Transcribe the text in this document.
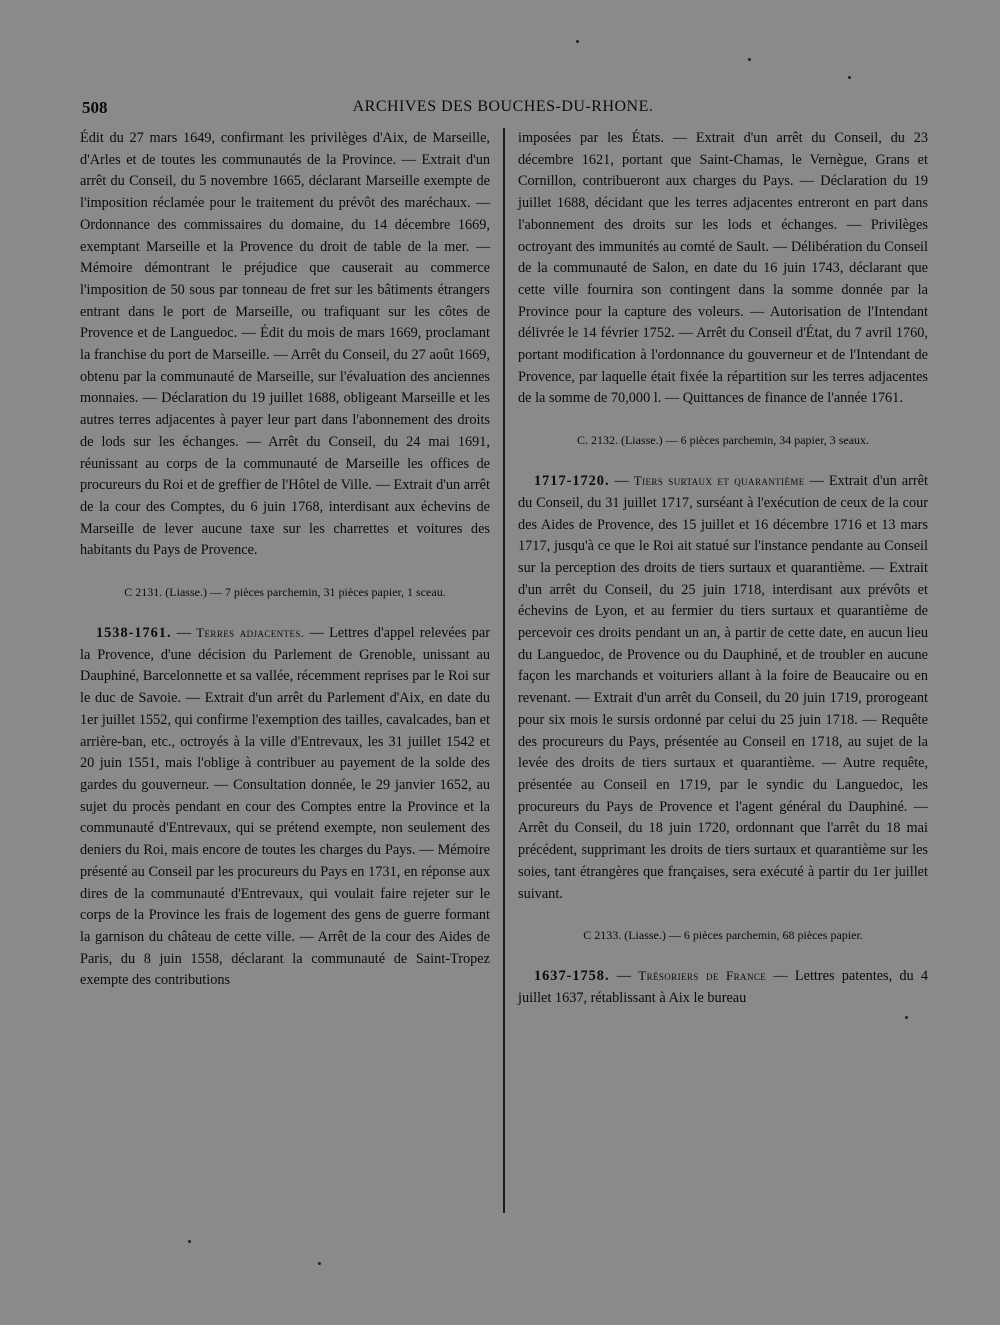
508	ARCHIVES DES BOUCHES-DU-RHONE.

Édit du 27 mars 1649, confirmant les privilèges d'Aix, de Marseille, d'Arles et de toutes les communautés de la Province. — Extrait d'un arrêt du Conseil, du 5 novembre 1665, déclarant Marseille exempte de l'imposition réclamée pour le traitement du prévôt des maréchaux. — Ordonnance des commissaires du domaine, du 14 décembre 1669, exemptant Marseille et la Provence du droit de table de la mer. — Mémoire démontrant le préjudice que causerait au commerce l'imposition de 50 sous par tonneau de fret sur les bâtiments étrangers entrant dans le port de Marseille, ou trafiquant sur les côtes de Provence et de Languedoc. — Édit du mois de mars 1669, proclamant la franchise du port de Marseille. — Arrêt du Conseil, du 27 août 1669, obtenu par la communauté de Marseille, sur l'évaluation des anciennes monnaies. — Déclaration du 19 juillet 1688, obligeant Marseille et les autres terres adjacentes à payer leur part dans l'abonnement des droits de lods sur les échanges. — Arrêt du Conseil, du 24 mai 1691, réunissant au corps de la communauté de Marseille les offices de procureurs du Roi et de greffier de l'Hôtel de Ville. — Extrait d'un arrêt de la cour des Comptes, du 6 juin 1768, interdisant aux échevins de Marseille de lever aucune taxe sur les charrettes et voitures des habitants du Pays de Provence.

C 2131. (Liasse.) — 7 pièces parchemin, 31 pièces papier, 1 sceau.

1538-1761. — Terres adjacentes. — Lettres d'appel relevées par la Provence, d'une décision du Parlement de Grenoble, unissant au Dauphiné, Barcelonnette et sa vallée, récemment reprises par le Roi sur le duc de Savoie. — Extrait d'un arrêt du Parlement d'Aix, en date du 1er juillet 1552, qui confirme l'exemption des tailles, cavalcades, ban et arrière-ban, etc., octroyés à la ville d'Entrevaux, les 31 juillet 1542 et 20 juin 1551, mais l'oblige à contribuer au payement de la solde des gardes du gouverneur. — Consultation donnée, le 29 janvier 1652, au sujet du procès pendant en cour des Comptes entre la Province et la communauté d'Entrevaux, qui se prétend exempte, non seulement des deniers du Roi, mais encore de toutes les charges du Pays. — Mémoire présenté au Conseil par les procureurs du Pays en 1731, en réponse aux dires de la communauté d'Entrevaux, qui voulait faire rejeter sur le corps de la Province les frais de logement des gens de guerre formant la garnison du château de cette ville. — Arrêt de la cour des Aides de Paris, du 8 juin 1558, déclarant la communauté de Saint-Tropez exempte des contributions

imposées par les États. — Extrait d'un arrêt du Conseil, du 23 décembre 1621, portant que Saint-Chamas, le Vernègue, Grans et Cornillon, contribueront aux charges du Pays. — Déclaration du 19 juillet 1688, décidant que les terres adjacentes entreront en part dans l'abonnement des droits sur les lods et échanges. — Privilèges octroyant des immunités au comté de Sault. — Délibération du Conseil de la communauté de Salon, en date du 16 juin 1743, déclarant que cette ville fournira son contingent dans la somme donnée par la Province pour la capture des voleurs. — Autorisation de l'Intendant délivrée le 14 février 1752. — Arrêt du Conseil d'État, du 7 avril 1760, portant modification à l'ordonnance du gouverneur et de l'Intendant de Provence, par laquelle était fixée la répartition sur les terres adjacentes de la somme de 70,000 l. — Quittances de finance de l'année 1761.

C. 2132. (Liasse.) — 6 pièces parchemin, 34 papier, 3 seaux.

1717-1720. — Tiers surtaux et quarantième — Extrait d'un arrêt du Conseil, du 31 juillet 1717, surséant à l'exécution de ceux de la cour des Aides de Provence, des 15 juillet et 16 décembre 1716 et 13 mars 1717, jusqu'à ce que le Roi ait statué sur l'instance pendante au Conseil sur la perception des droits de tiers surtaux et quarantième. — Extrait d'un arrêt du Conseil, du 25 juin 1718, interdisant aux prévôts et échevins de Lyon, et au fermier du tiers surtaux et quarantième de percevoir ces droits pendant un an, à partir de cette date, en aucun lieu du Languedoc, de Provence ou du Dauphiné, et de troubler en aucune façon les marchands et voituriers allant à la foire de Beaucaire ou en revenant. — Extrait d'un arrêt du Conseil, du 20 juin 1719, prorogeant pour six mois le sursis ordonné par celui du 25 juin 1718. — Requête des procureurs du Pays, présentée au Conseil en 1718, au sujet de la levée des droits de tiers surtaux et quarantième. — Autre requête, présentée au Conseil en 1719, par le syndic du Languedoc, les procureurs du Pays de Provence et l'agent général du Dauphiné. — Arrêt du Conseil, du 18 juin 1720, ordonnant que l'arrêt du 18 mai précédent, supprimant les droits de tiers surtaux et quarantième sur les soies, tant étrangères que françaises, sera exécuté à partir du 1er juillet suivant.

C 2133. (Liasse.) — 6 pièces parchemin, 68 pièces papier.

1637-1758. — Trésoriers de France — Lettres patentes, du 4 juillet 1637, rétablissant à Aix le bureau
